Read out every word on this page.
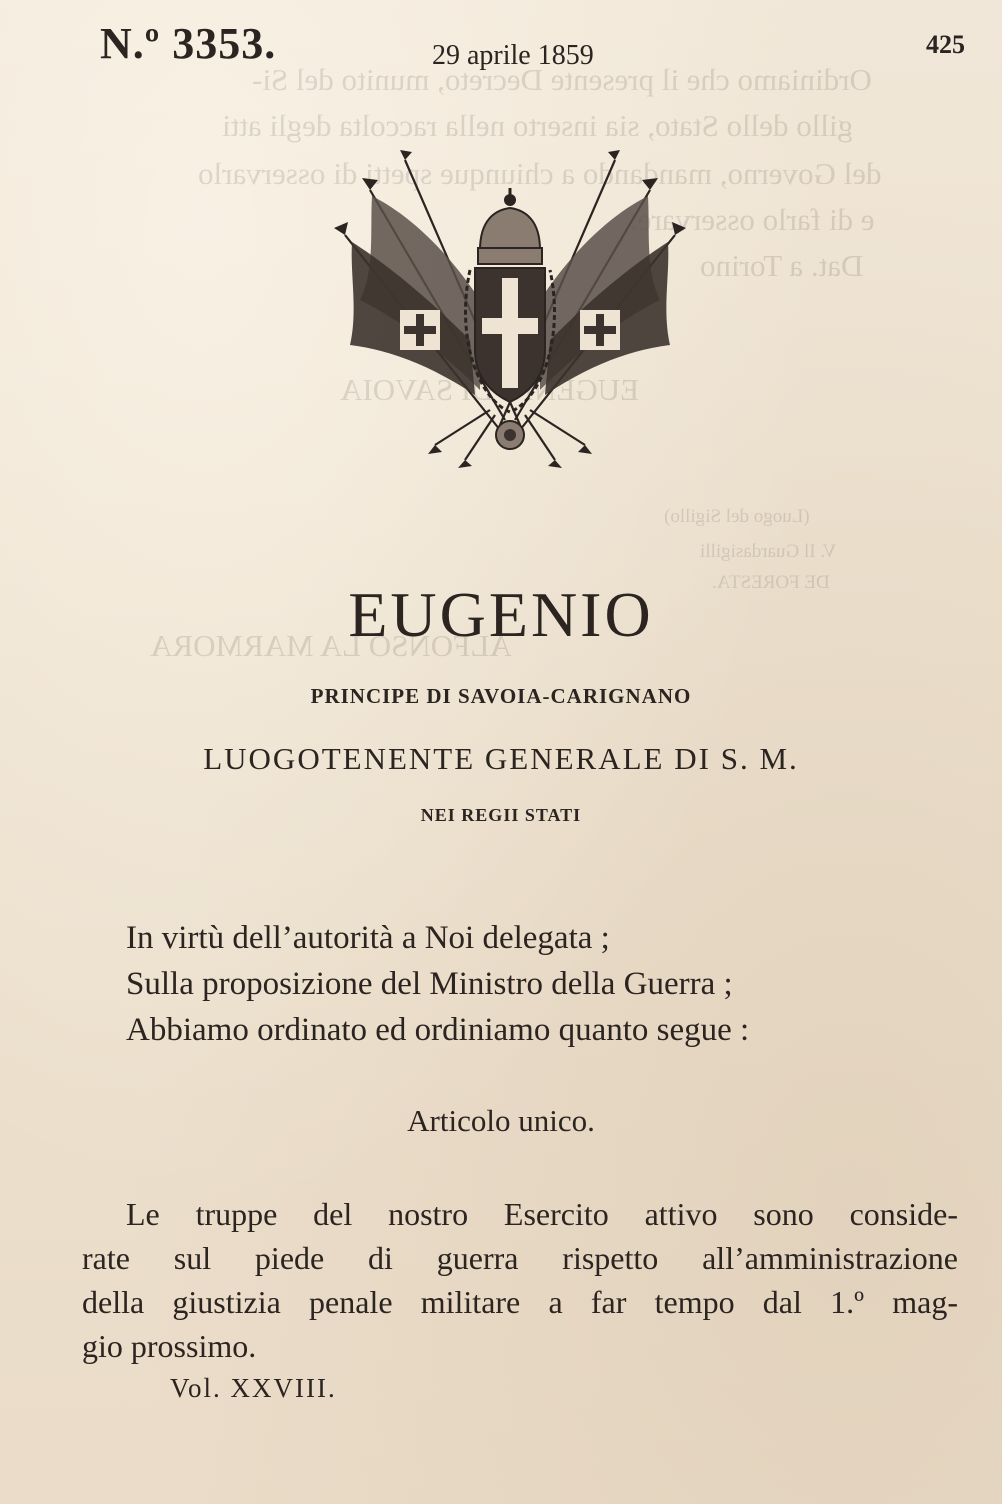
Ordiniamo che il presente Decreto, munito del Si-
gillo dello Stato, sia inserto nella raccolta degli atti
del Governo, mandando a chiunque spetti di osservarlo
e di farlo osservare.
Dat. a Torino
EUGENIO DI SAVOIA
(Luogo del Sigillo)
V. Il Guardasigilli
DE FORESTA.
ALFONSO LA MARMORA
N.º 3353.	29 aprile 1859	425
EUGENIO
PRINCIPE DI SAVOIA-CARIGNANO
LUOGOTENENTE GENERALE DI S. M.
NEI REGII STATI
In virtù dell’autorità a Noi delegata ;
Sulla proposizione del Ministro della Guerra ;
Abbiamo ordinato ed ordiniamo quanto segue :
Articolo unico.
Le truppe del nostro Esercito attivo sono conside-
rate sul piede di guerra rispetto all’amministrazione
della giustizia penale militare a far tempo dal 1.º mag-
gio prossimo.
Vol. XXVIII.
